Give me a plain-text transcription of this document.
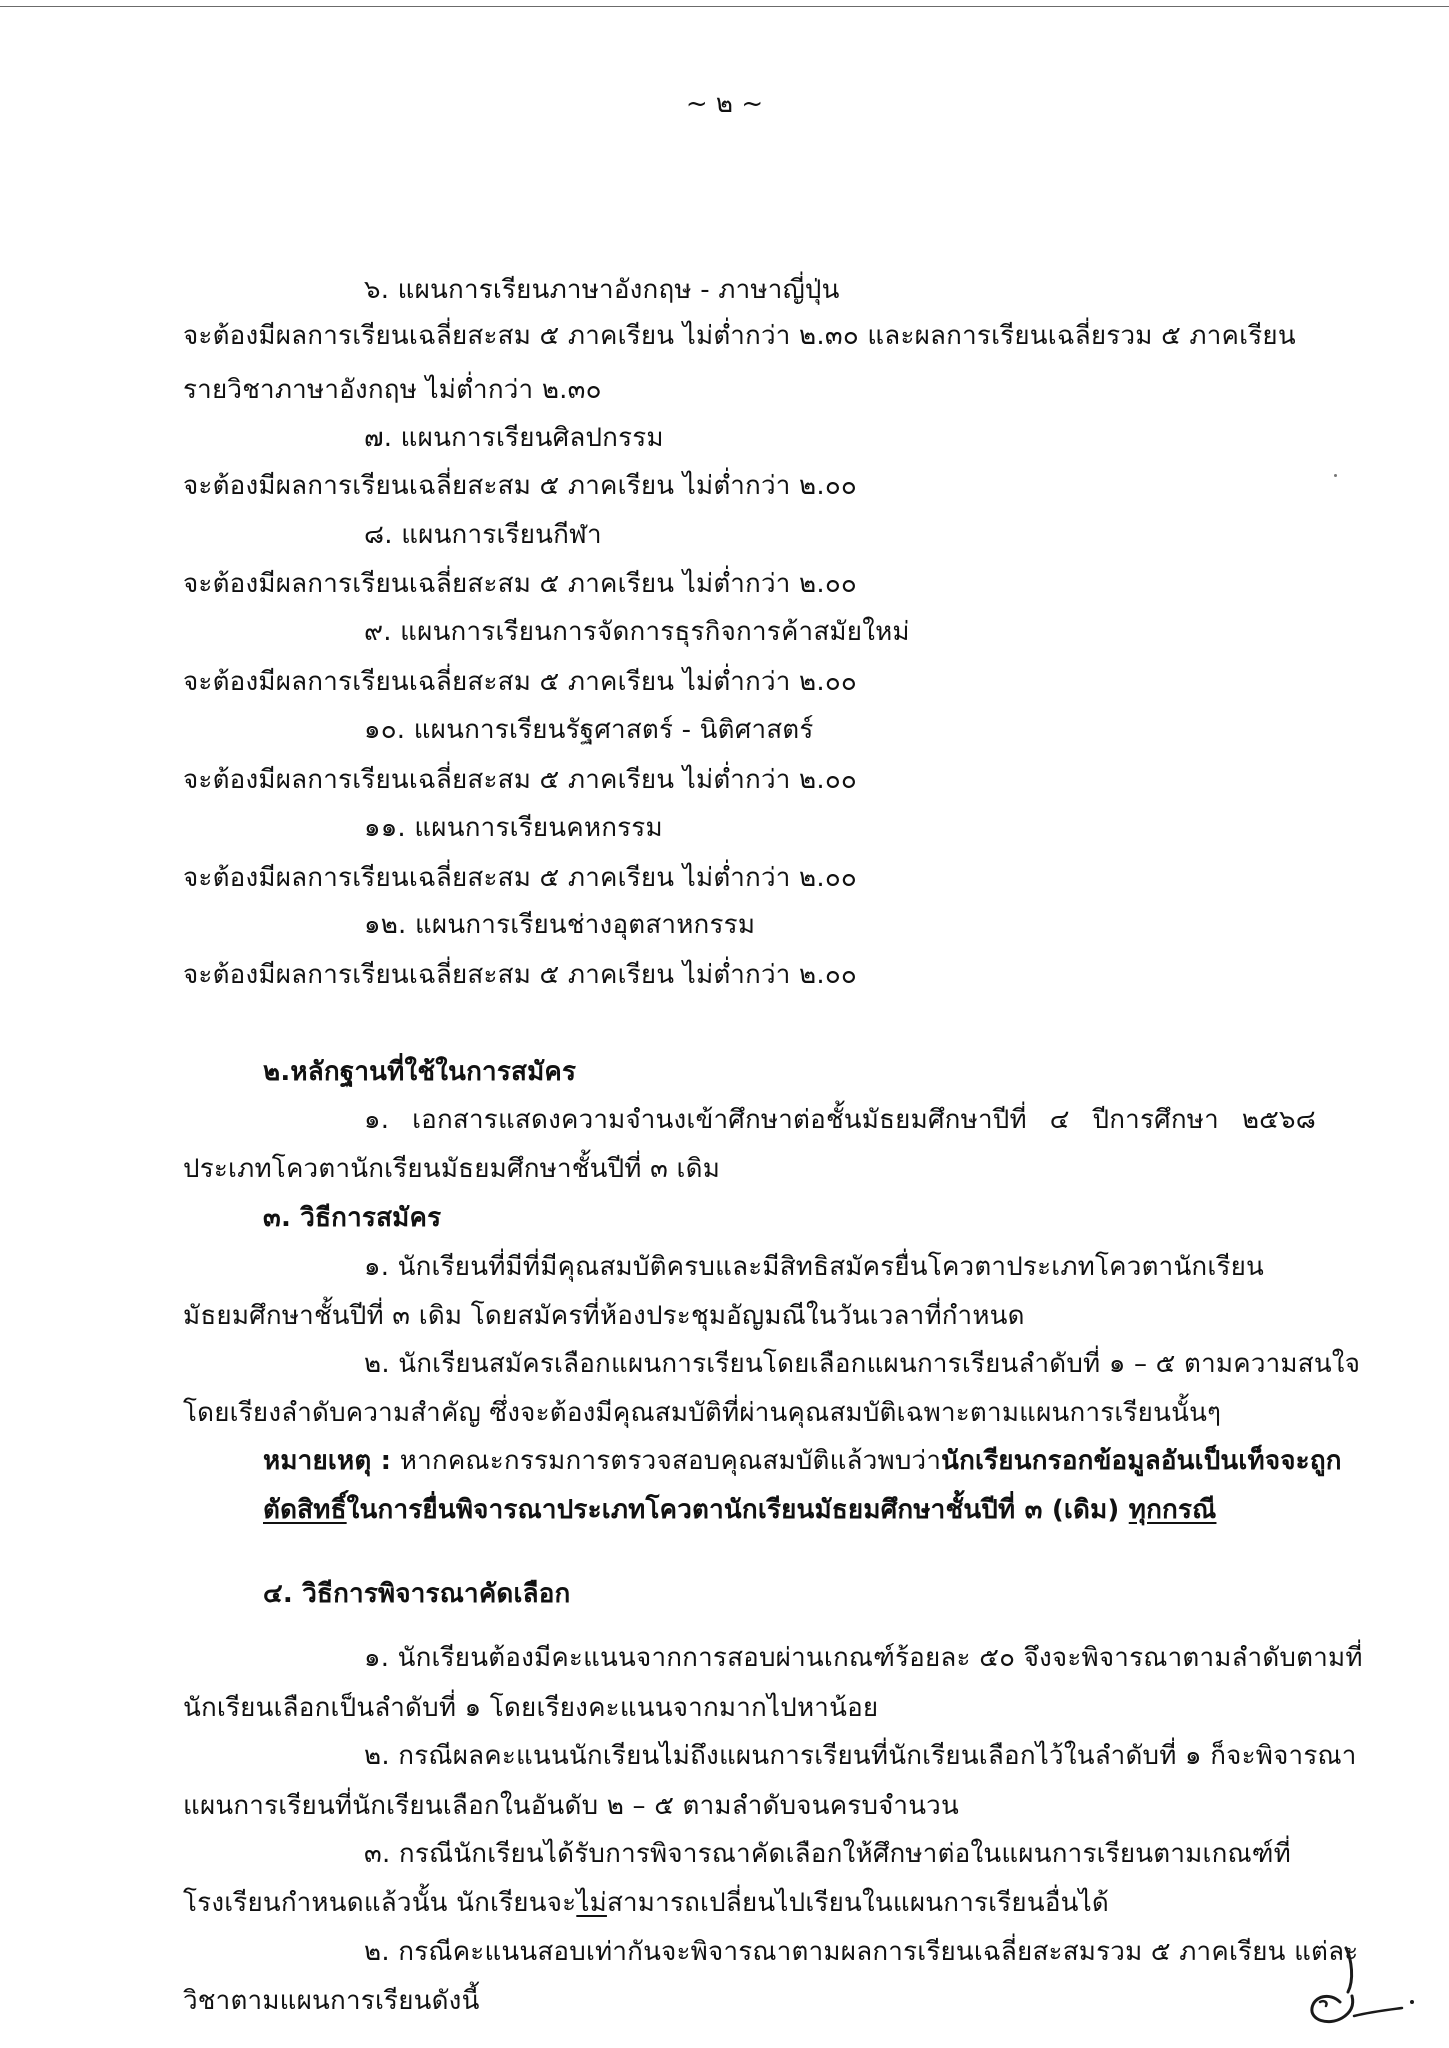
~ ๒ ~
๖. แผนการเรียนภาษาอังกฤษ - ภาษาญี่ปุ่น
จะต้องมีผลการเรียนเฉลี่ยสะสม ๕ ภาคเรียน ไม่ต่ำกว่า ๒.๓๐ และผลการเรียนเฉลี่ยรวม ๕ ภาคเรียน
รายวิชาภาษาอังกฤษ ไม่ต่ำกว่า ๒.๓๐
๗. แผนการเรียนศิลปกรรม
จะต้องมีผลการเรียนเฉลี่ยสะสม ๕ ภาคเรียน ไม่ต่ำกว่า ๒.๐๐
๘. แผนการเรียนกีฬา
จะต้องมีผลการเรียนเฉลี่ยสะสม ๕ ภาคเรียน ไม่ต่ำกว่า ๒.๐๐
๙. แผนการเรียนการจัดการธุรกิจการค้าสมัยใหม่
จะต้องมีผลการเรียนเฉลี่ยสะสม ๕ ภาคเรียน ไม่ต่ำกว่า ๒.๐๐
๑๐. แผนการเรียนรัฐศาสตร์ - นิติศาสตร์
จะต้องมีผลการเรียนเฉลี่ยสะสม ๕ ภาคเรียน ไม่ต่ำกว่า ๒.๐๐
๑๑. แผนการเรียนคหกรรม
จะต้องมีผลการเรียนเฉลี่ยสะสม ๕ ภาคเรียน ไม่ต่ำกว่า ๒.๐๐
๑๒. แผนการเรียนช่างอุตสาหกรรม
จะต้องมีผลการเรียนเฉลี่ยสะสม ๕ ภาคเรียน ไม่ต่ำกว่า ๒.๐๐
๒.หลักฐานที่ใช้ในการสมัคร
๑. เอกสารแสดงความจำนงเข้าศึกษาต่อชั้นมัธยมศึกษาปีที่ ๔ ปีการศึกษา ๒๕๖๘
ประเภทโควตานักเรียนมัธยมศึกษาชั้นปีที่ ๓ เดิม
๓. วิธีการสมัคร
๑. นักเรียนที่มีที่มีคุณสมบัติครบและมีสิทธิสมัครยื่นโควตาประเภทโควตานักเรียน
มัธยมศึกษาชั้นปีที่ ๓ เดิม โดยสมัครที่ห้องประชุมอัญมณีในวันเวลาที่กำหนด
๒. นักเรียนสมัครเลือกแผนการเรียนโดยเลือกแผนการเรียนลำดับที่ ๑ – ๕ ตามความสนใจ
โดยเรียงลำดับความสำคัญ ซึ่งจะต้องมีคุณสมบัติที่ผ่านคุณสมบัติเฉพาะตามแผนการเรียนนั้นๆ
หมายเหตุ : หากคณะกรรมการตรวจสอบคุณสมบัติแล้วพบว่านักเรียนกรอกข้อมูลอันเป็นเท็จจะถูก
ตัดสิทธิ์ในการยื่นพิจารณาประเภทโควตานักเรียนมัธยมศึกษาชั้นปีที่ ๓ (เดิม) ทุกกรณี
๔. วิธีการพิจารณาคัดเลือก
๑. นักเรียนต้องมีคะแนนจากการสอบผ่านเกณฑ์ร้อยละ ๕๐ จึงจะพิจารณาตามลำดับตามที่
นักเรียนเลือกเป็นลำดับที่ ๑ โดยเรียงคะแนนจากมากไปหาน้อย
๒. กรณีผลคะแนนนักเรียนไม่ถึงแผนการเรียนที่นักเรียนเลือกไว้ในลำดับที่ ๑ ก็จะพิจารณา
แผนการเรียนที่นักเรียนเลือกในอันดับ ๒ – ๕ ตามลำดับจนครบจำนวน
๓. กรณีนักเรียนได้รับการพิจารณาคัดเลือกให้ศึกษาต่อในแผนการเรียนตามเกณฑ์ที่
โรงเรียนกำหนดแล้วนั้น นักเรียนจะไม่สามารถเปลี่ยนไปเรียนในแผนการเรียนอื่นได้
๒. กรณีคะแนนสอบเท่ากันจะพิจารณาตามผลการเรียนเฉลี่ยสะสมรวม ๕ ภาคเรียน แต่ละ
วิชาตามแผนการเรียนดังนี้
